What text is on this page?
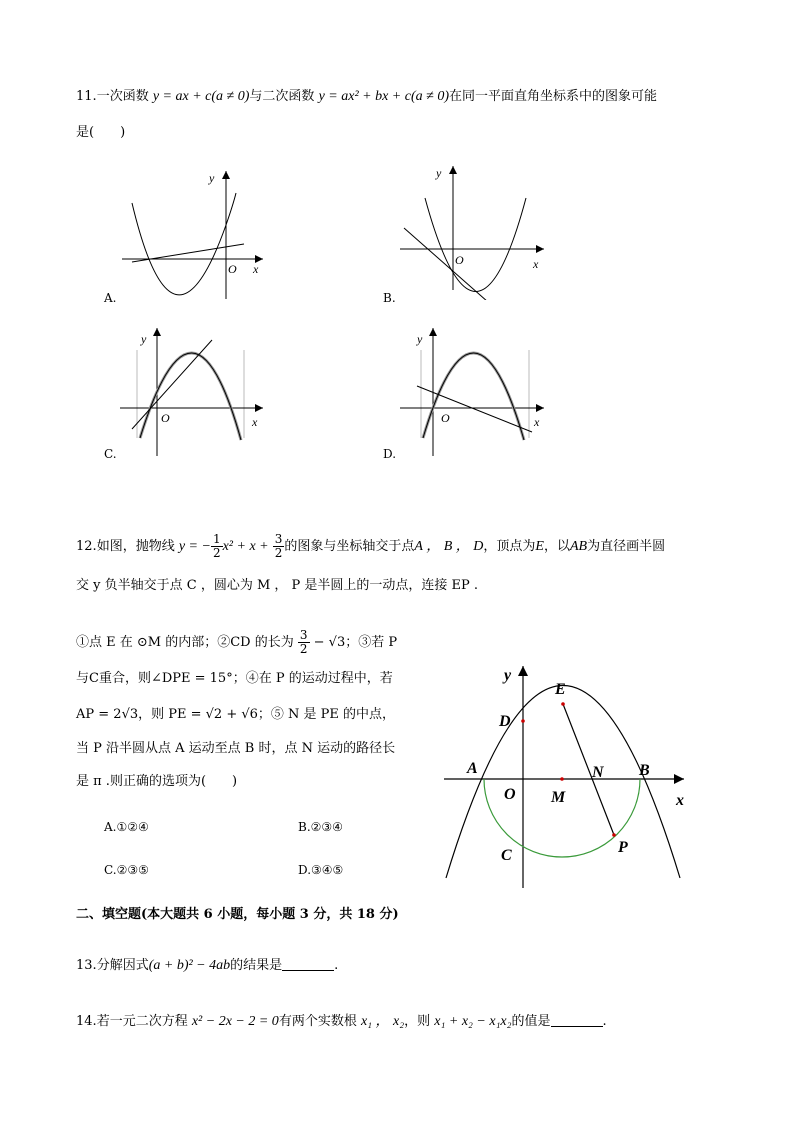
11.一次函数 y = ax + c(a ≠ 0)与二次函数 y = ax² + bx + c(a ≠ 0)在同一平面直角坐标系中的图象可能
是(　　)
y
x
O
A.
y
x
O
B.
y
x
O
C.
y
x
O
D.
12.如图，抛物线 y = − $\frac{1}{2} x^2 + x + \frac{3}{2}$ 的图象与坐标轴交于点A ， B ， D，顶点为E，以AB为直径画半圆
交 y 负半轴交于点 C ，圆心为 M ， P 是半圆上的一动点，连接 EP .
①点 E 在 ⊙M 的内部；②CD 的长为 $\frac{3}{2} - √3$；③若 P
与C重合，则∠DPE = 15°；④在 P 的运动过程中，若
AP = 2√3，则 PE = √2 + √6；⑤ N 是 PE 的中点，
当 P 沿半圆从点 A 运动至点 B 时，点 N 运动的路径长
是 π .则正确的选项为(　　)
A.①②④	B.②③④
C.②③⑤	D.③④⑤
y
x
E
D
A
O M
N B
C	P
二、填空题(本大题共 6 小题，每小题 3 分，共 18 分)
13.分解因式(a + b)² − 4ab的结果是	.
14.若一元二次方程 x² − 2x − 2 = 0有两个实数根 x₁ ， x₂，则 x₁ + x₂ − x₁x₂的值是	.
